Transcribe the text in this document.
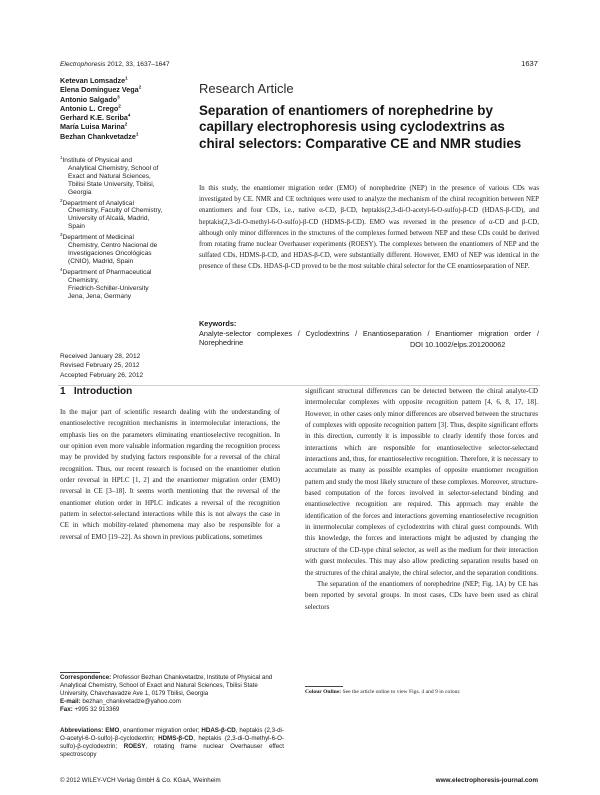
Electrophoresis 2012, 33, 1637–1647	1637
Ketevan Lomsadze$^1$
Elena Domínguez Vega$^2$
Antonio Salgado$^3$
Antonio L. Crego$^2$
Gerhard K.E. Scriba$^4$
María Luisa Marina$^2$
Bezhan Chankvetadze$^1$
$^1$Institute of Physical and
Analytical Chemistry, School of
Exact and Natural Sciences,
Tbilisi State University, Tbilisi,
Georgia
$^2$Department of Analytical
Chemistry, Faculty of Chemistry,
University of Alcalá, Madrid,
Spain
$^3$Department of Medicinal
Chemistry, Centro Nacional de
Investigaciones Oncológicas
(CNIO), Madrid, Spain
$^4$Department of Pharmaceutical
Chemistry,
Friedrich-Schiller-University
Jena, Jena, Germany
Received January 28, 2012
Revised February 25, 2012
Accepted February 26, 2012
Research Article
Separation of enantiomers of norephedrine by capillary electrophoresis using cyclodextrins as chiral selectors: Comparative CE and NMR studies
In this study, the enantiomer migration order (EMO) of norephedrine (NEP) in the presence of various CDs was investigated by CE. NMR and CE techniques were used to analyze the mechanism of the chiral recognition between NEP enantiomers and four CDs, i.e., native α-CD, β-CD, heptakis(2,3-di-O-acetyl-6-O-sulfo)-β-CD (HDAS-β-CD), and heptakis(2,3-di-O-methyl-6-O-sulfo)-β-CD (HDMS-β-CD). EMO was reversed in the presence of α-CD and β-CD, although only minor differences in the structures of the complexes formed between NEP and these CDs could be derived from rotating frame nuclear Overhauser experiments (ROESY). The complexes between the enantiomers of NEP and the sulfated CDs, HDMS-β-CD, and HDAS-β-CD, were substantially different. However, EMO of NEP was identical in the presence of these CDs. HDAS-β-CD proved to be the most suitable chiral selector for the CE enantioseparation of NEP.
Keywords:
Analyte-selector complexes / Cyclodextrins / Enantioseparation / Enantiomer migration order / Norephedrine	DOI 10.1002/elps.201200062
1 Introduction

In the major part of scientific research dealing with the understanding of enantioselective recognition mechanisms in intermolecular interactions, the emphasis lies on the parameters eliminating enantioselective recognition. In our opinion even more valuable information regarding the recognition process may be provided by studying factors responsible for a reversal of the chiral recognition. Thus, our recent research is focused on the enantiomer elution order reversal in HPLC [1, 2] and the enantiomer migration order (EMO) reversal in CE [3–18]. It seems worth mentioning that the reversal of the enantiomer elution order in HPLC indicates a reversal of the recognition pattern in selector-selectand interactions while this is not always the case in CE in which mobility-related phenomena may also be responsible for a reversal of EMO [19–22]. As shown in previous publications, sometimes

significant structural differences can be detected between the chiral analyte-CD intermolecular complexes with opposite recognition pattern [4, 6, 8, 17, 18]. However, in other cases only minor differences are observed between the structures of complexes with opposite recognition pattern [3]. Thus, despite significant efforts in this direction, currently it is impossible to clearly identify those forces and interactions which are responsible for enantioselective selector-selectand interactions and, thus, for enantioselective recognition. Therefore, it is necessary to accumulate as many as possible examples of opposite enantiomer recognition pattern and study the most likely structure of these complexes. Moreover, structure-based computation of the forces involved in selector-selectand binding and enantioselective recognition are required. This approach may enable the identification of the forces and interactions governing enantioselective recognition in intermolecular complexes of cyclodextrins with chiral guest compounds. With this knowledge, the forces and interactions might be adjusted by changing the structure of the CD-type chiral selector, as well as the medium for their interaction with guest molecules. This may also allow predicting separation results based on the structures of the chiral analyte, the chiral selector, and the separation conditions.

The separation of the enantiomers of norephedrine (NEP; Fig. 1A) by CE has been reported by several groups. In most cases, CDs have been used as chiral selectors

Correspondence: Professor Bezhan Chankvetadze, Institute of Physical and Analytical Chemistry, School of Exact and Natural Sciences, Tbilisi State University, Chavchavadze Ave 1, 0179 Tbilisi, Georgia
E-mail: bezhan_chankvetadze@yahoo.com
Fax: +995 32 913369
Abbreviations: EMO, enantiomer migration order; HDAS-β-CD, heptakis (2,3-di-O-acetyl-6-O-sulfo)-β-cyclodextrin; HDMS-β-CD, heptakis (2,3-di-O-methyl-6-O-sulfo)-β-cyclodextrin; ROESY, rotating frame nuclear Overhauser effect spectroscopy
Colour Online: See the article online to view Figs. 4 and 9 in colour.
© 2012 WILEY-VCH Verlag GmbH & Co. KGaA, Weinheim	www.electrophoresis-journal.com
